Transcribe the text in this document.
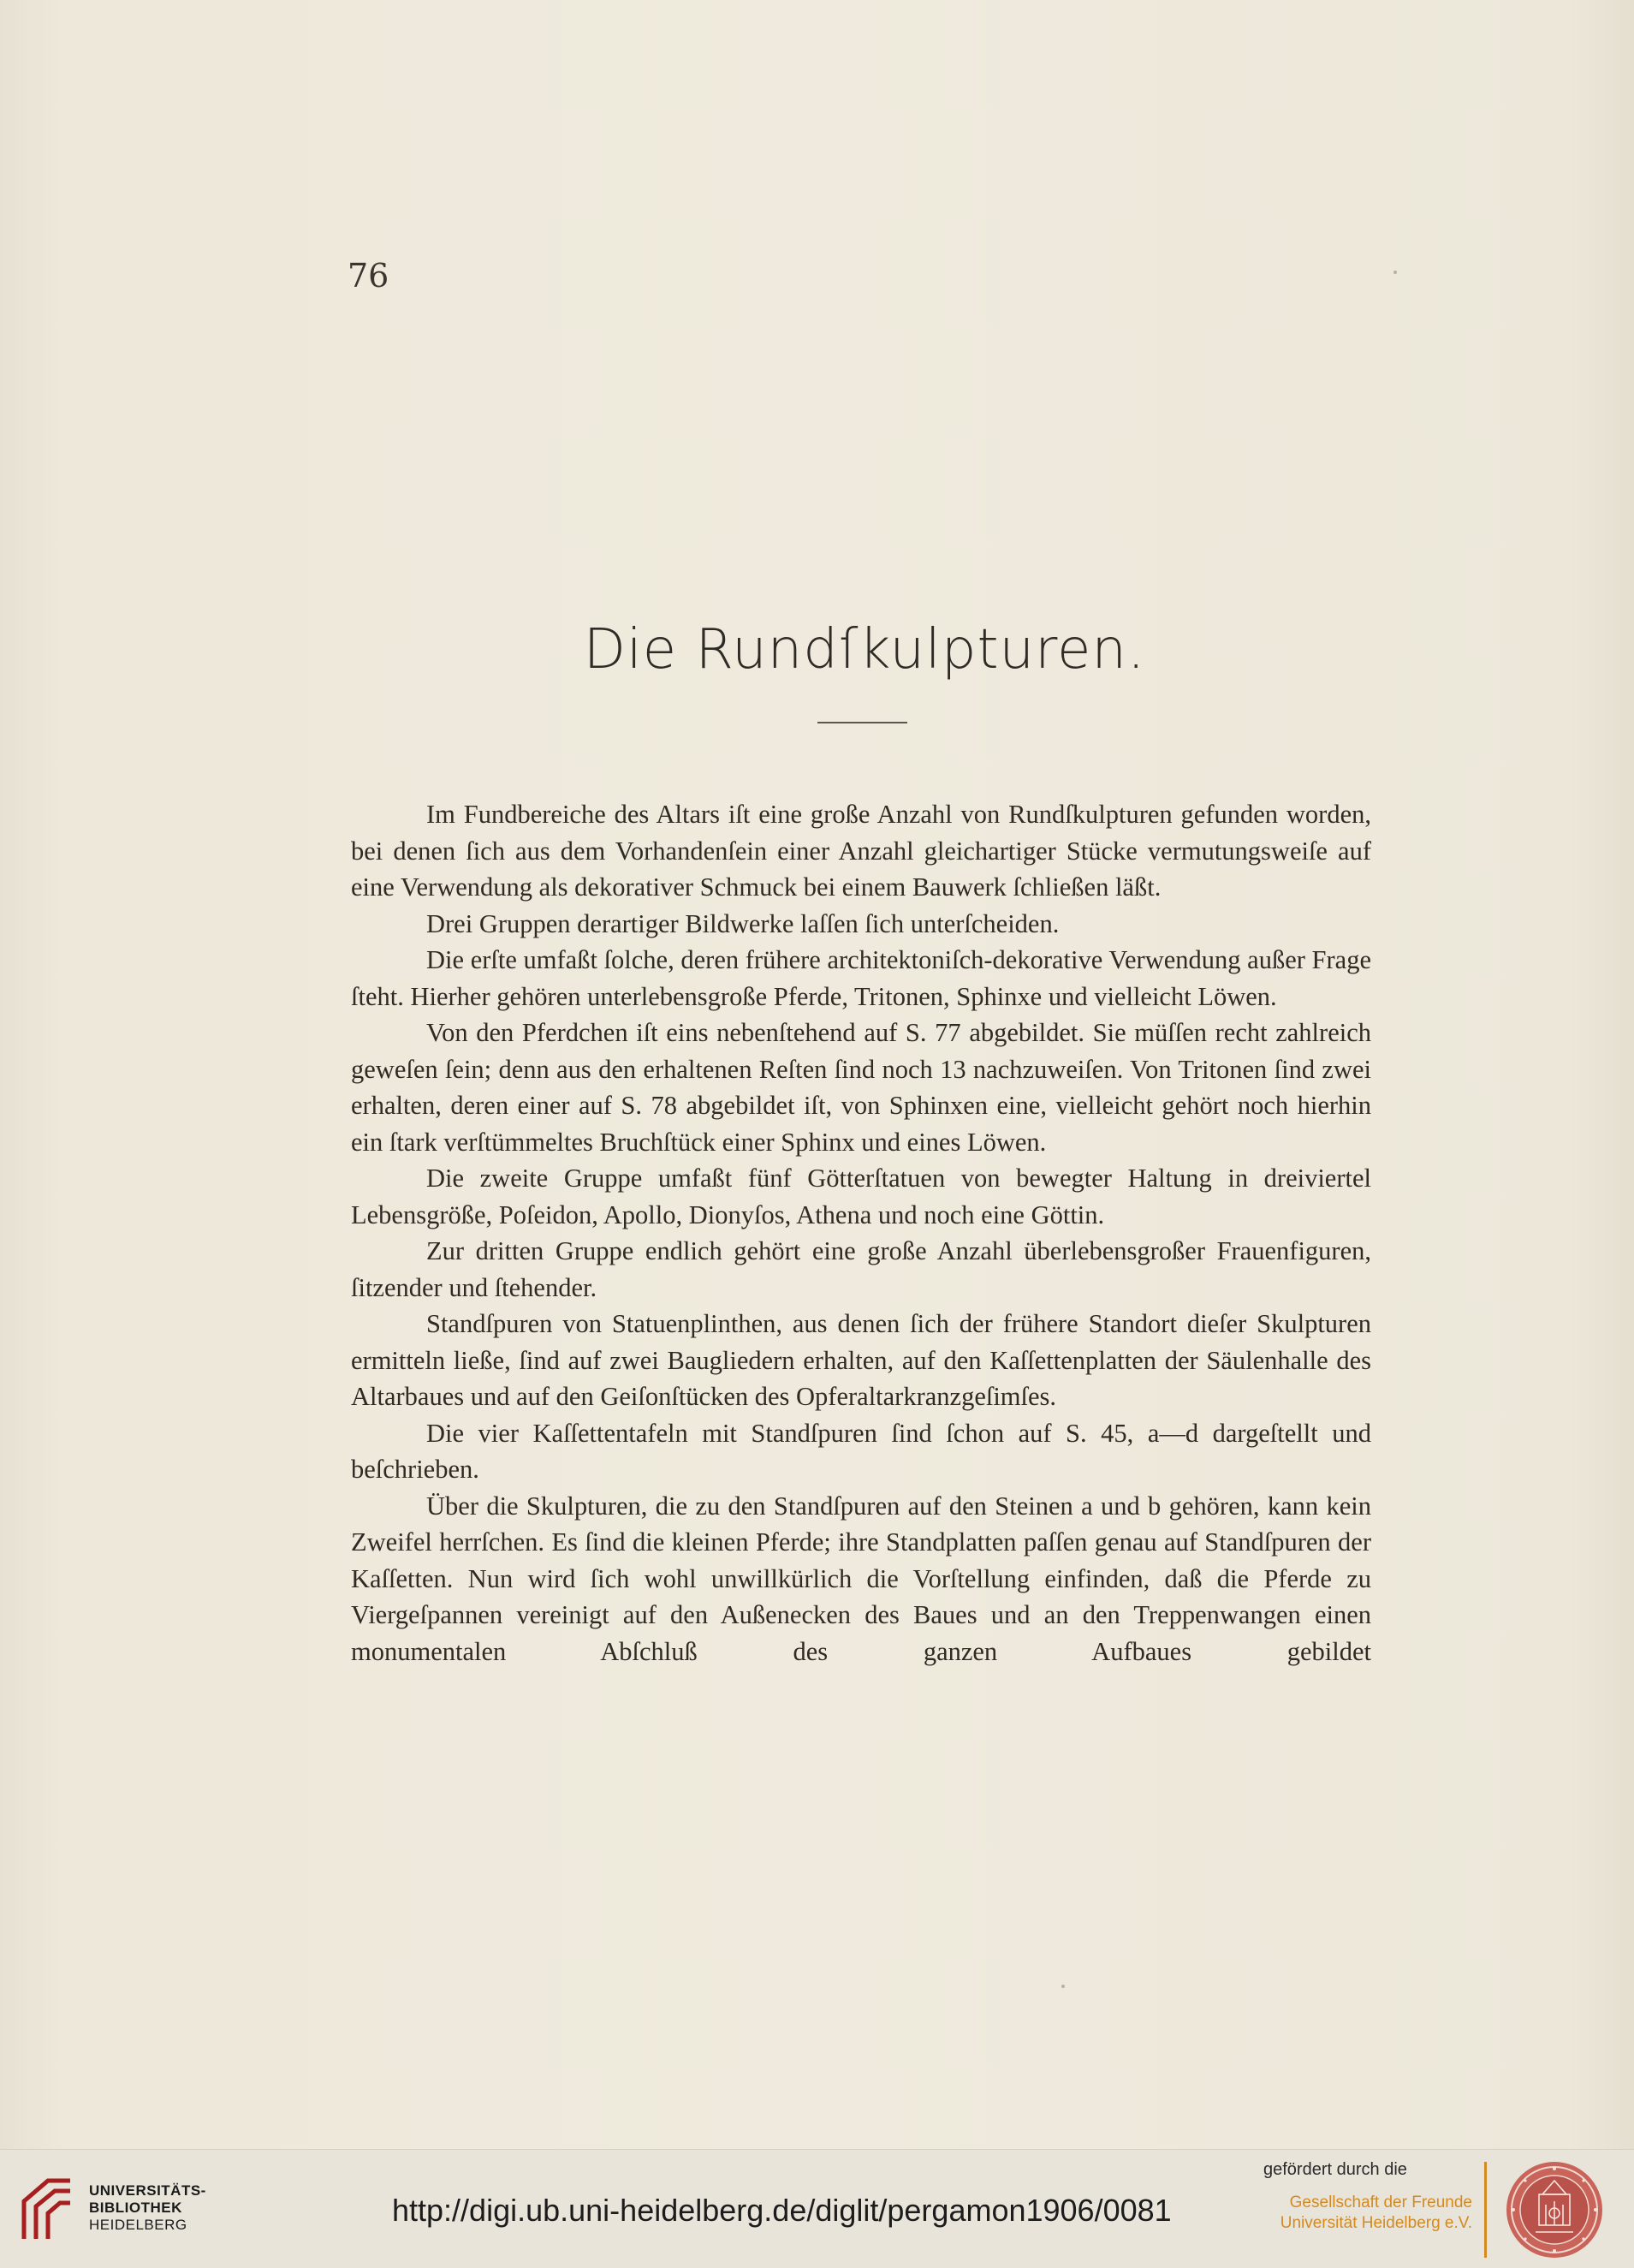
76
Die Rundſkulpturen.

Im Fundbereiche des Altars iſt eine große Anzahl von Rundſkulpturen gefunden worden, bei denen ſich aus dem Vorhandenſein einer Anzahl gleichartiger Stücke vermutungsweiſe auf eine Verwendung als dekorativer Schmuck bei einem Bauwerk ſchließen läßt.

Drei Gruppen derartiger Bildwerke laſſen ſich unterſcheiden.

Die erſte umfaßt ſolche, deren frühere architektoniſch-dekorative Verwendung außer Frage ſteht. Hierher gehören unterlebensgroße Pferde, Tritonen, Sphinxe und vielleicht Löwen.

Von den Pferdchen iſt eins nebenſtehend auf S. 77 abgebildet. Sie müſſen recht zahlreich geweſen ſein; denn aus den erhaltenen Reſten ſind noch 13 nachzuweiſen. Von Tritonen ſind zwei erhalten, deren einer auf S. 78 abgebildet iſt, von Sphinxen eine, vielleicht gehört noch hierhin ein ſtark verſtümmeltes Bruchſtück einer Sphinx und eines Löwen.

Die zweite Gruppe umfaßt fünf Götterſtatuen von bewegter Haltung in dreiviertel Lebensgröße, Poſeidon, Apollo, Dionyſos, Athena und noch eine Göttin.

Zur dritten Gruppe endlich gehört eine große Anzahl überlebensgroßer Frauenfiguren, ſitzender und ſtehender.

Standſpuren von Statuenplinthen, aus denen ſich der frühere Standort dieſer Skulpturen ermitteln ließe, ſind auf zwei Baugliedern erhalten, auf den Kaſſettenplatten der Säulenhalle des Altarbaues und auf den Geiſonſtücken des Opferaltarkranzgeſimſes.

Die vier Kaſſettentafeln mit Standſpuren ſind ſchon auf S. 45, a—d dargeſtellt und beſchrieben.

Über die Skulpturen, die zu den Standſpuren auf den Steinen a und b gehören, kann kein Zweifel herrſchen. Es ſind die kleinen Pferde; ihre Standplatten paſſen genau auf Standſpuren der Kaſſetten. Nun wird ſich wohl unwillkürlich die Vorſtellung einfinden, daß die Pferde zu Viergeſpannen vereinigt auf den Außenecken des Baues und an den Treppenwangen einen monumentalen Abſchluß des ganzen Aufbaues gebildet

UNIVERSITÄTS-
BIBLIOTHEK
HEIDELBERG	http://digi.ub.uni-heidelberg.de/diglit/pergamon1906/0081
gefördert durch die
Gesellschaft der Freunde
Universität Heidelberg e.V.
